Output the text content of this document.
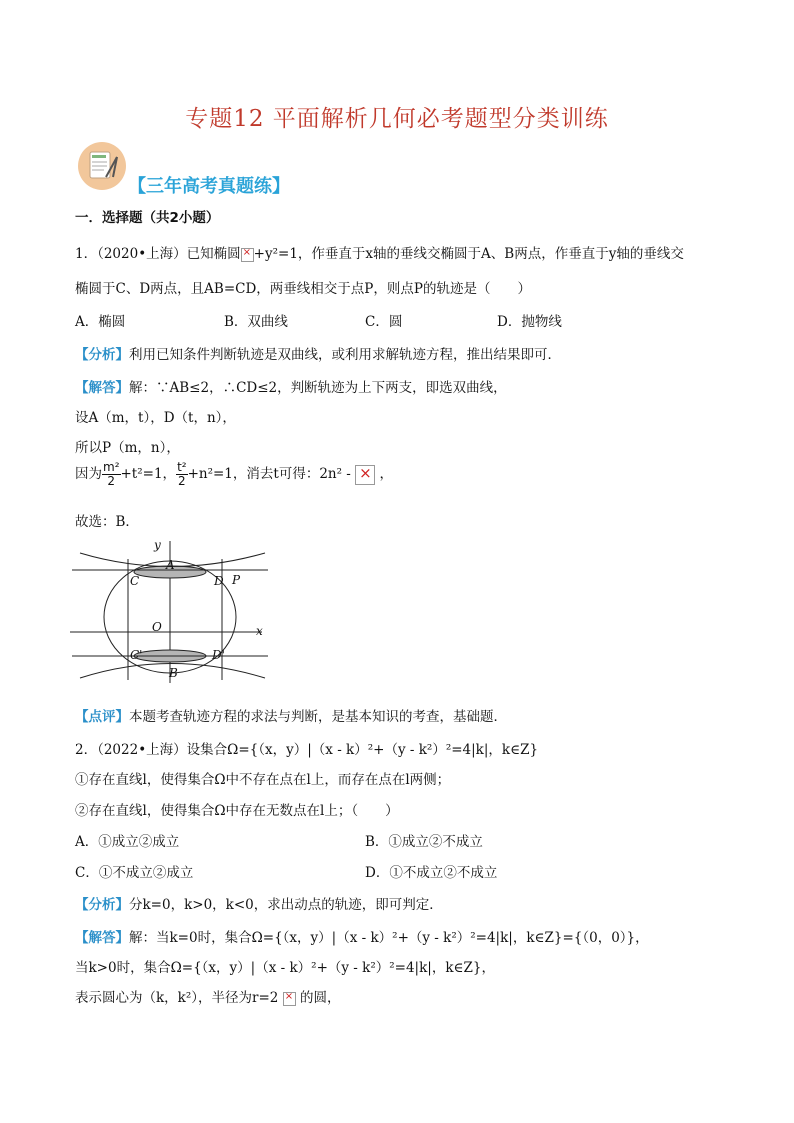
专题12 平面解析几何必考题型分类训练
【三年高考真题练】
一．选择题（共2小题）
1．（2020•上海）已知椭圆 × +y²=1，作垂直于x轴的垂线交椭圆于A、B两点，作垂直于y轴的垂线交
椭圆于C、D两点，且AB=CD，两垂线相交于点P，则点P的轨迹是（　　）
A．椭圆	B．双曲线	C．圆	D．抛物线
【分析】利用已知条件判断轨迹是双曲线，或利用求解轨迹方程，推出结果即可．
【解答】解：∵AB≤2，∴CD≤2，判断轨迹为上下两支，即选双曲线，
设A（m，t），D（t，n），
所以P（m，n），
因为 $\frac{\text{m²}}{2} +t^2=1$， $\frac{\text{t²}}{2} +n^2=1$，消去t可得：2n² - × ，
故选：B．
y
x
O
A
B
C	D P
C'	D'
【点评】本题考查轨迹方程的求法与判断，是基本知识的考查，基础题．
2．（2022•上海）设集合Ω={（x，y）|（x - k）²+（y - k²）²=4|k|，k∈Z}
①存在直线l，使得集合Ω中不存在点在l上，而存在点在l两侧；
②存在直线l，使得集合Ω中存在无数点在l上；（　　）
A．①成立②成立	B．①成立②不成立
C．①不成立②成立	D．①不成立②不成立
【分析】分k=0，k>0，k<0，求出动点的轨迹，即可判定．
【解答】解：当k=0时，集合Ω={（x，y）|（x - k）²+（y - k²）²=4|k|，k∈Z}={（0，0）}，
当k>0时，集合Ω={（x，y）|（x - k）²+（y - k²）²=4|k|，k∈Z}，
表示圆心为（k，k²），半径为r=2 × 的圆，
